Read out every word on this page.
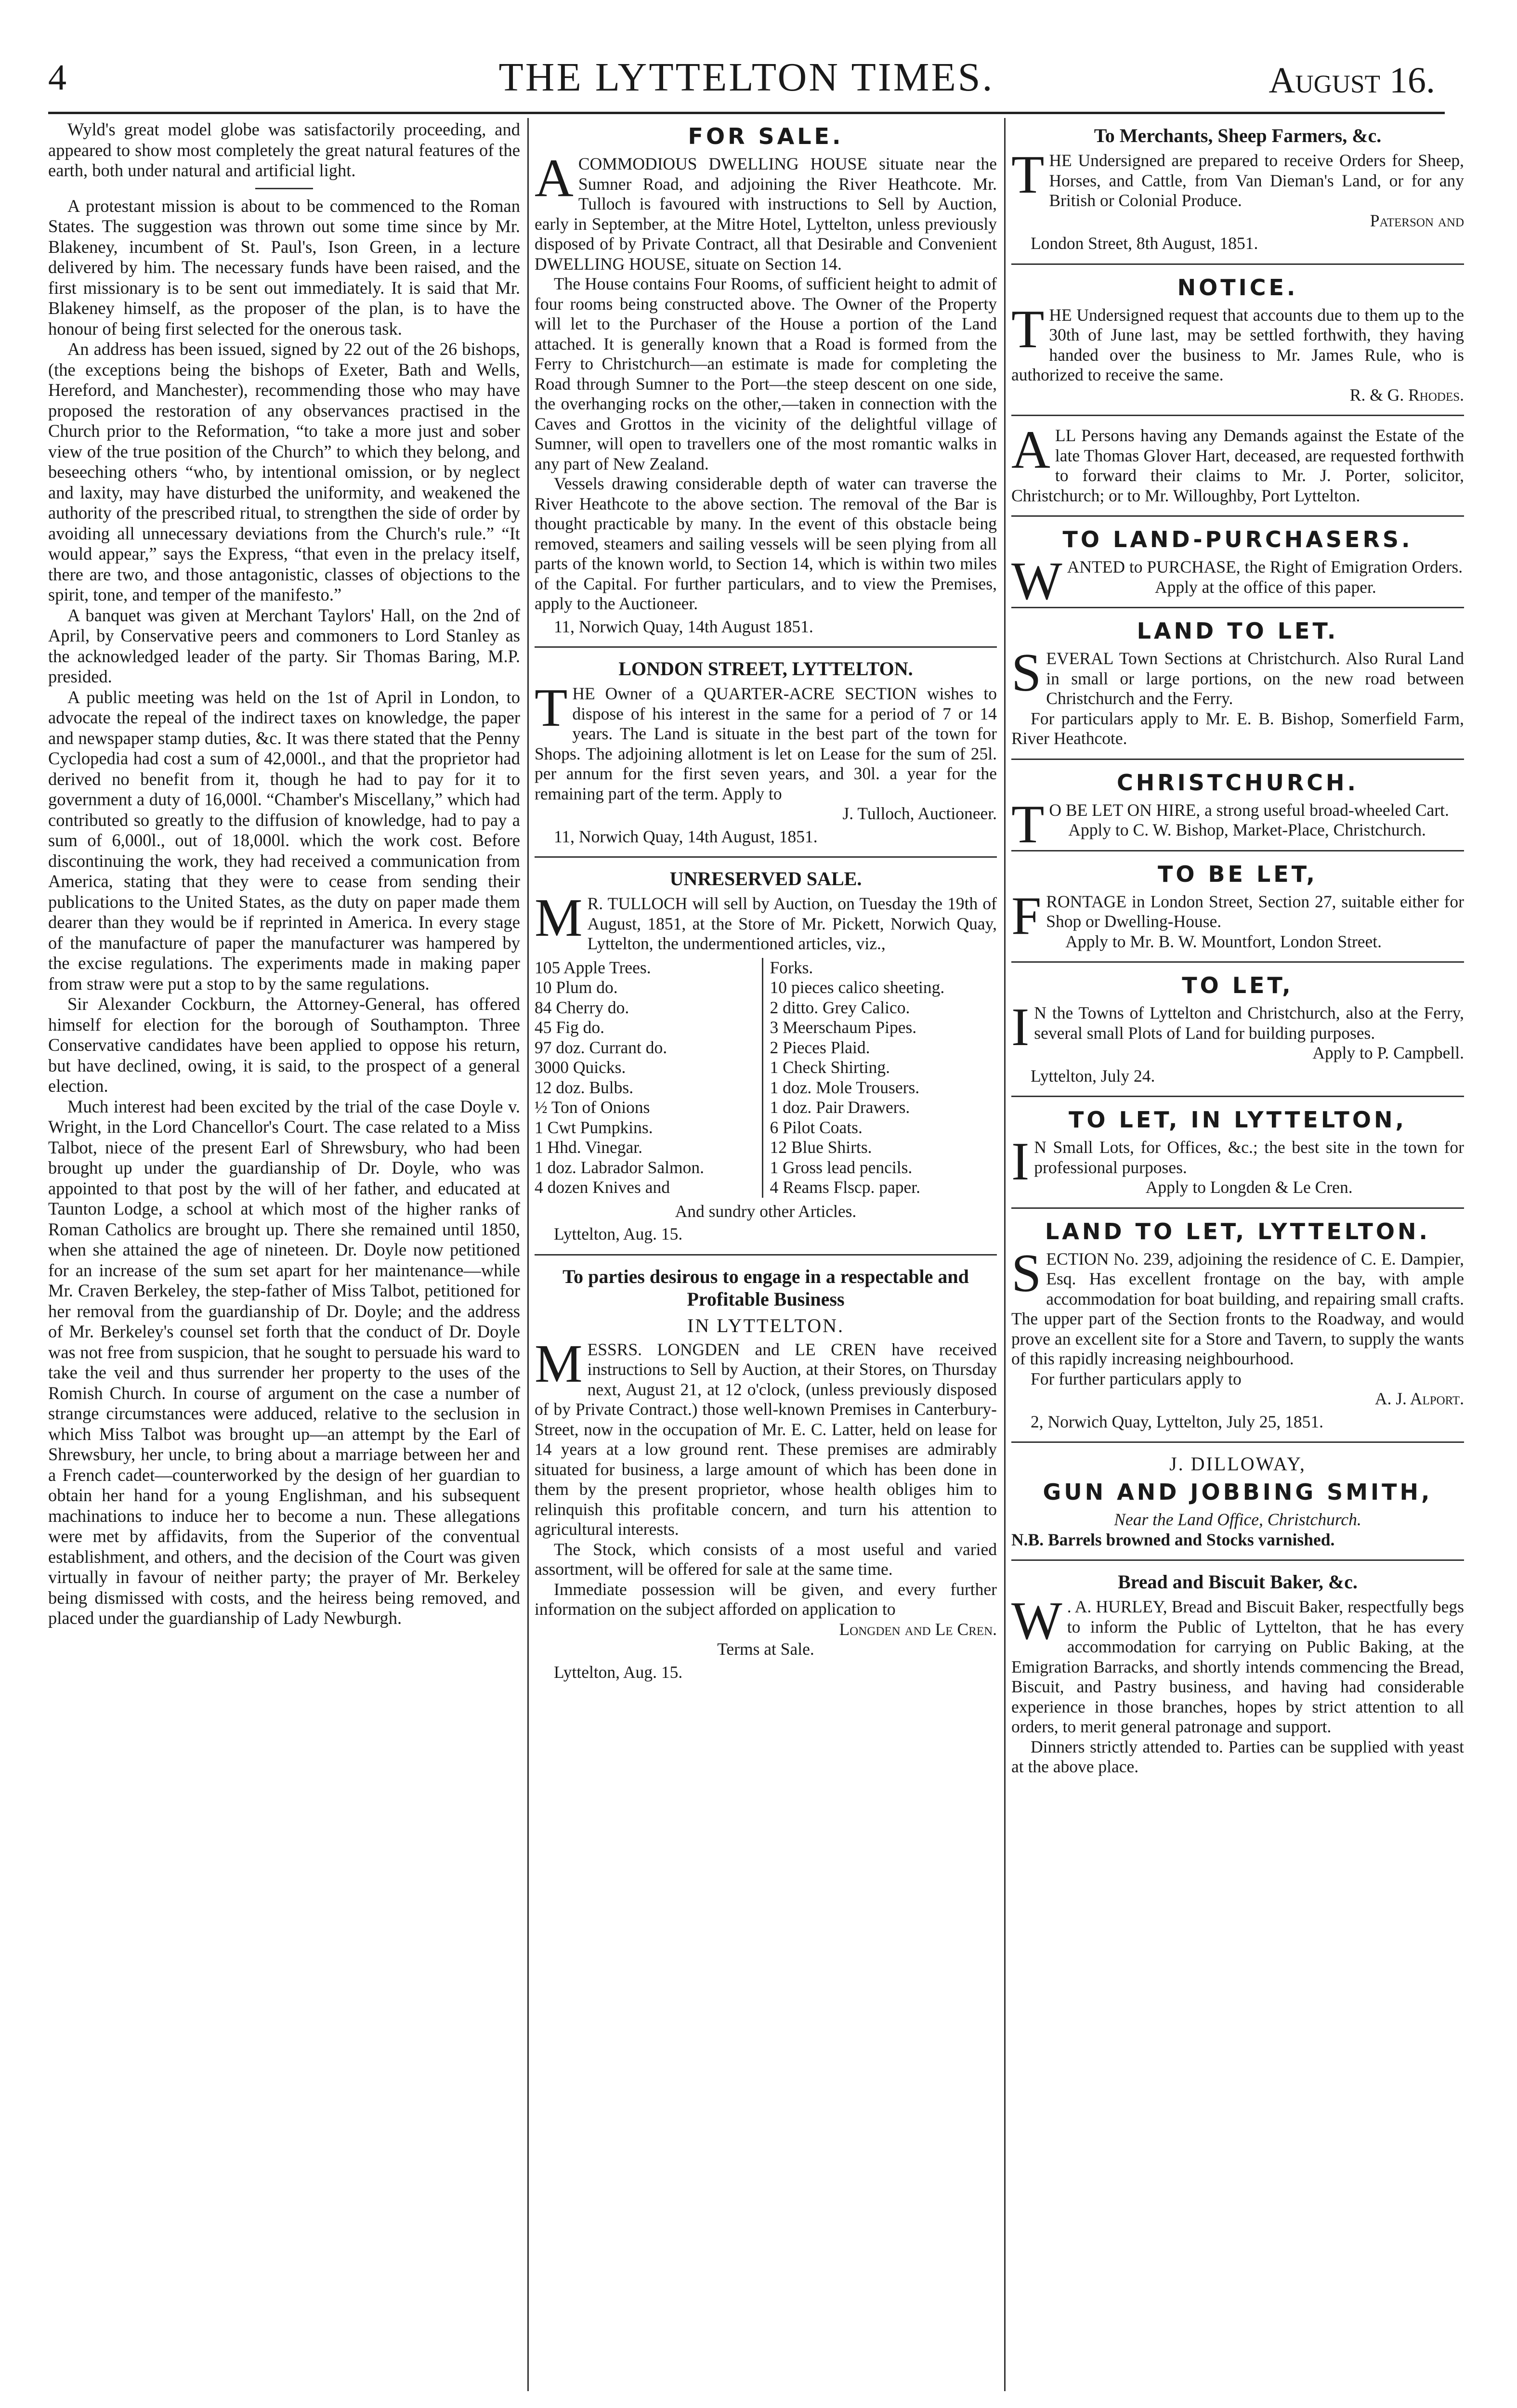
4	THE LYTTELTON TIMES.	August 16.

Wyld's great model globe was satisfactorily proceeding, and appeared to show most completely the great natural features of the earth, both under natural and artificial light.

A protestant mission is about to be commenced to the Roman States. The suggestion was thrown out some time since by Mr. Blakeney, incumbent of St. Paul's, Ison Green, in a lecture delivered by him. The necessary funds have been raised, and the first missionary is to be sent out immediately. It is said that Mr. Blakeney himself, as the proposer of the plan, is to have the honour of being first selected for the onerous task.

An address has been issued, signed by 22 out of the 26 bishops, (the exceptions being the bishops of Exeter, Bath and Wells, Hereford, and Manchester), recommending those who may have proposed the restoration of any observances practised in the Church prior to the Reformation, “to take a more just and sober view of the true position of the Church” to which they belong, and beseeching others “who, by intentional omission, or by neglect and laxity, may have disturbed the uniformity, and weakened the authority of the prescribed ritual, to strengthen the side of order by avoiding all unnecessary deviations from the Church's rule.” “It would appear,” says the Express, “that even in the prelacy itself, there are two, and those antagonistic, classes of objections to the spirit, tone, and temper of the manifesto.”

A banquet was given at Merchant Taylors' Hall, on the 2nd of April, by Conservative peers and commoners to Lord Stanley as the acknowledged leader of the party. Sir Thomas Baring, M.P. presided.

A public meeting was held on the 1st of April in London, to advocate the repeal of the indirect taxes on knowledge, the paper and newspaper stamp duties, &c. It was there stated that the Penny Cyclopedia had cost a sum of 42,000l., and that the proprietor had derived no benefit from it, though he had to pay for it to government a duty of 16,000l. “Chamber's Miscellany,” which had contributed so greatly to the diffusion of knowledge, had to pay a sum of 6,000l., out of 18,000l. which the work cost. Before discontinuing the work, they had received a communication from America, stating that they were to cease from sending their publications to the United States, as the duty on paper made them dearer than they would be if reprinted in America. In every stage of the manufacture of paper the manufacturer was hampered by the excise regulations. The experiments made in making paper from straw were put a stop to by the same regulations.

Sir Alexander Cockburn, the Attorney-General, has offered himself for election for the borough of Southampton. Three Conservative candidates have been applied to oppose his return, but have declined, owing, it is said, to the prospect of a general election.

Much interest had been excited by the trial of the case Doyle v. Wright, in the Lord Chancellor's Court. The case related to a Miss Talbot, niece of the present Earl of Shrewsbury, who had been brought up under the guardianship of Dr. Doyle, who was appointed to that post by the will of her father, and educated at Taunton Lodge, a school at which most of the higher ranks of Roman Catholics are brought up. There she remained until 1850, when she attained the age of nineteen. Dr. Doyle now petitioned for an increase of the sum set apart for her maintenance—while Mr. Craven Berkeley, the step-father of Miss Talbot, petitioned for her removal from the guardianship of Dr. Doyle; and the address of Mr. Berkeley's counsel set forth that the conduct of Dr. Doyle was not free from suspicion, that he sought to persuade his ward to take the veil and thus surrender her property to the uses of the Romish Church. In course of argument on the case a number of strange circumstances were adduced, relative to the seclusion in which Miss Talbot was brought up—an attempt by the Earl of Shrewsbury, her uncle, to bring about a marriage between her and a French cadet—counterworked by the design of her guardian to obtain her hand for a young Englishman, and his subsequent machinations to induce her to become a nun. These allegations were met by affidavits, from the Superior of the conventual establishment, and others, and the decision of the Court was given virtually in favour of neither party; the prayer of Mr. Berkeley being dismissed with costs, and the heiress being removed, and placed under the guardianship of Lady Newburgh.

FOR SALE.

ACOMMODIOUS DWELLING HOUSE situate near the Sumner Road, and adjoining the River Heathcote. Mr. Tulloch is favoured with instructions to Sell by Auction, early in September, at the Mitre Hotel, Lyttelton, unless previously disposed of by Private Contract, all that Desirable and Convenient DWELLING HOUSE, situate on Section 14.

The House contains Four Rooms, of sufficient height to admit of four rooms being constructed above. The Owner of the Property will let to the Purchaser of the House a portion of the Land attached. It is generally known that a Road is formed from the Ferry to Christchurch—an estimate is made for completing the Road through Sumner to the Port—the steep descent on one side, the overhanging rocks on the other,—taken in connection with the Caves and Grottos in the vicinity of the delightful village of Sumner, will open to travellers one of the most romantic walks in any part of New Zealand.

Vessels drawing considerable depth of water can traverse the River Heathcote to the above section. The removal of the Bar is thought practicable by many. In the event of this obstacle being removed, steamers and sailing vessels will be seen plying from all parts of the known world, to Section 14, which is within two miles of the Capital. For further particulars, and to view the Premises, apply to the Auctioneer.

11, Norwich Quay, 14th August 1851.

LONDON STREET, LYTTELTON.

THE Owner of a QUARTER-ACRE SECTION wishes to dispose of his interest in the same for a period of 7 or 14 years. The Land is situate in the best part of the town for Shops. The adjoining allotment is let on Lease for the sum of 25l. per annum for the first seven years, and 30l. a year for the remaining part of the term. Apply to

J. Tulloch, Auctioneer.

11, Norwich Quay, 14th August, 1851.

UNRESERVED SALE.

M R. TULLOCH will sell by Auction, on Tuesday the 19th of August, 1851, at the Store of Mr. Pickett, Norwich Quay, Lyttelton, the undermentioned articles, viz.,

105 Apple Trees.
10 Plum do.
84 Cherry do.
45 Fig do.
97 doz. Currant do.
3000 Quicks.
12 doz. Bulbs.
½ Ton of Onions
1 Cwt Pumpkins.
1 Hhd. Vinegar.
1 doz. Labrador Salmon.
4 dozen Knives and
Forks.
10 pieces calico sheeting.
2 ditto. Grey Calico.
3 Meerschaum Pipes.
2 Pieces Plaid.
1 Check Shirting.
1 doz. Mole Trousers.
1 doz. Pair Drawers.
6 Pilot Coats.
12 Blue Shirts.
1 Gross lead pencils.
4 Reams Flscp. paper.

And sundry other Articles.

Lyttelton, Aug. 15.

To parties desirous to engage in a respectable and Profitable Business
IN LYTTELTON.

MESSRS. LONGDEN and LE CREN have received instructions to Sell by Auction, at their Stores, on Thursday next, August 21, at 12 o'clock, (unless previously disposed of by Private Contract.) those well-known Premises in Canterbury-Street, now in the occupation of Mr. E. C. Latter, held on lease for 14 years at a low ground rent. These premises are admirably situated for business, a large amount of which has been done in them by the present proprietor, whose health obliges him to relinquish this profitable concern, and turn his attention to agricultural interests.

The Stock, which consists of a most useful and varied assortment, will be offered for sale at the same time.

Immediate possession will be given, and every further information on the subject afforded on application to

Longden and Le Cren.

Terms at Sale.

Lyttelton, Aug. 15.

To Merchants, Sheep Farmers, &c.

THE Undersigned are prepared to receive Orders for Sheep, Horses, and Cattle, from Van Dieman's Land, or for any British or Colonial Produce.

Paterson and

London Street, 8th August, 1851.

NOTICE.

THE Undersigned request that accounts due to them up to the 30th of June last, may be settled forthwith, they having handed over the business to Mr. James Rule, who is authorized to receive the same.

R. & G. Rhodes.

ALL Persons having any Demands against the Estate of the late Thomas Glover Hart, deceased, are requested forthwith to forward their claims to Mr. J. Porter, solicitor, Christchurch; or to Mr. Willoughby, Port Lyttelton.

TO LAND-PURCHASERS.

WANTED to PURCHASE, the Right of Emigration Orders.

Apply at the office of this paper.

LAND TO LET.

SEVERAL Town Sections at Christchurch. Also Rural Land in small or large portions, on the new road between Christchurch and the Ferry.

For particulars apply to Mr. E. B. Bishop, Somerfield Farm, River Heathcote.

CHRISTCHURCH.

T O BE LET ON HIRE, a strong useful broad-wheeled Cart.

Apply to C. W. Bishop, Market-Place, Christchurch.

TO BE LET,

FRONTAGE in London Street, Section 27, suitable either for Shop or Dwelling-House.

Apply to Mr. B. W. Mountfort, London Street.

TO LET,

I N the Towns of Lyttelton and Christchurch, also at the Ferry, several small Plots of Land for building purposes.

Apply to P. Campbell.

Lyttelton, July 24.

TO LET, IN LYTTELTON,

I N Small Lots, for Offices, &c.; the best site in the town for professional purposes.

Apply to Longden & Le Cren.

LAND TO LET, LYTTELTON.

SECTION No. 239, adjoining the residence of C. E. Dampier, Esq. Has excellent frontage on the bay, with ample accommodation for boat building, and repairing small crafts. The upper part of the Section fronts to the Roadway, and would prove an excellent site for a Store and Tavern, to supply the wants of this rapidly increasing neighbourhood.

For further particulars apply to

A. J. Alport.

2, Norwich Quay, Lyttelton, July 25, 1851.

J. DILLOWAY,
GUN AND JOBBING SMITH,

Near the Land Office, Christchurch.

N.B. Barrels browned and Stocks varnished.

Bread and Biscuit Baker, &c.

W . A. HURLEY, Bread and Biscuit Baker, respectfully begs to inform the Public of Lyttelton, that he has every accommodation for carrying on Public Baking, at the Emigration Barracks, and shortly intends commencing the Bread, Biscuit, and Pastry business, and having had considerable experience in those branches, hopes by strict attention to all orders, to merit general patronage and support.

Dinners strictly attended to. Parties can be supplied with yeast at the above place.
